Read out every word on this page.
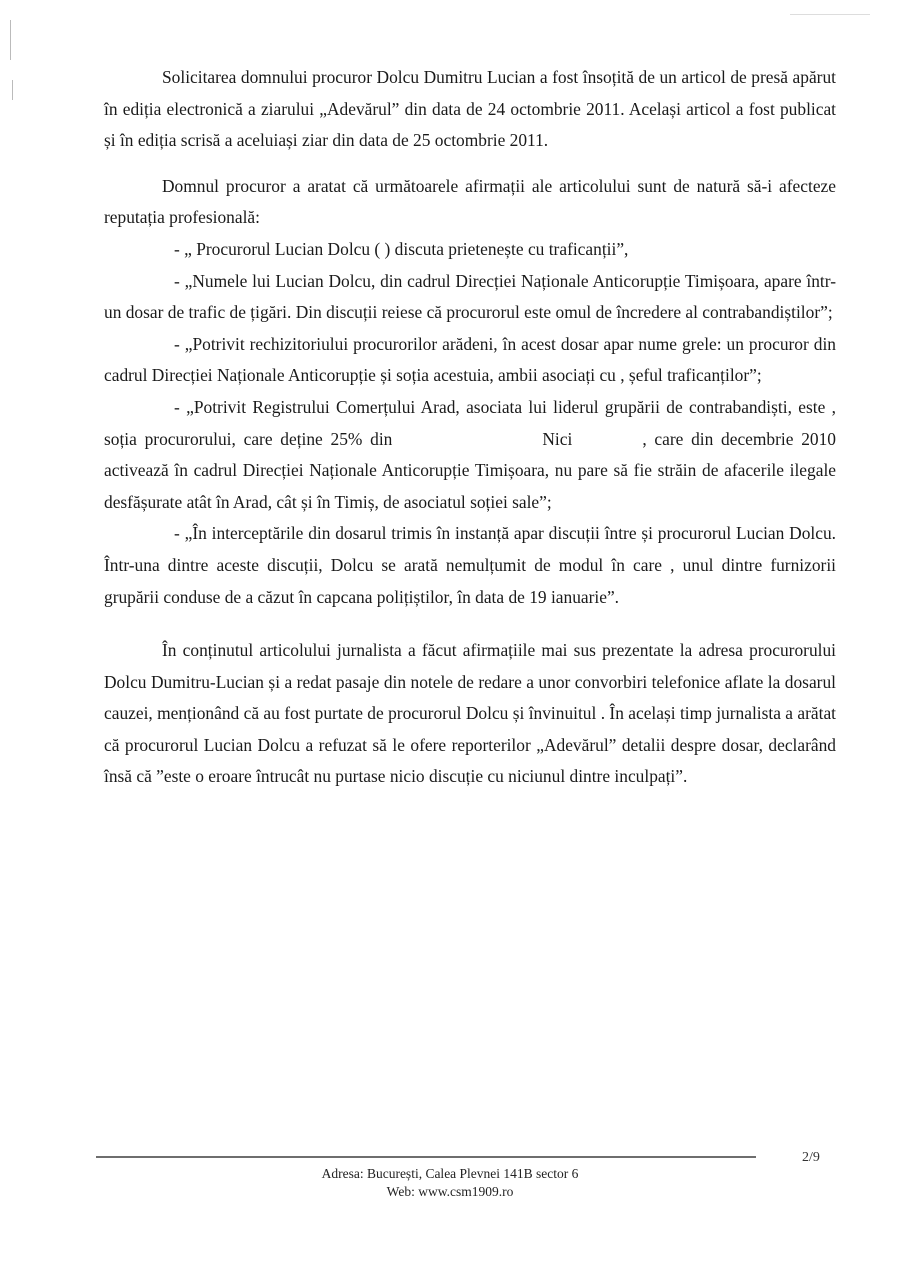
Solicitarea domnului procuror Dolcu Dumitru Lucian a fost însoțită de un articol de presă apărut în ediția electronică a ziarului „Adevărul” din data de 24 octombrie 2011. Același articol a fost publicat și în ediția scrisă a aceluiași ziar din data de 25 octombrie 2011.

Domnul procuror a aratat că următoarele afirmații ale articolului sunt de natură să-i afecteze reputația profesională:

- „ Procurorul Lucian Dolcu ( ) discuta prietenește cu traficanții”,

- „Numele lui Lucian Dolcu, din cadrul Direcției Naționale Anticorupție Timișoara, apare într-un dosar de trafic de țigări. Din discuții reiese că procurorul este omul de încredere al contrabandiștilor”;

- „Potrivit rechizitoriului procurorilor arădeni, în acest dosar apar nume grele: un procuror din cadrul Direcției Naționale Anticorupție și soția acestuia, ambii asociați cu , șeful traficanților”;

- „Potrivit Registrului Comerțului Arad, asociata lui liderul grupării de contrabandiști, este , soția procurorului, care deține 25% din	Nici	, care din decembrie 2010 activează în cadrul Direcției Naționale Anticorupție Timișoara, nu pare să fie străin de afacerile ilegale desfășurate atât în Arad, cât și în Timiș, de asociatul soției sale”;

- „În interceptările din dosarul trimis în instanță apar discuții între și procurorul Lucian Dolcu. Într-una dintre aceste discuții, Dolcu se arată nemulțumit de modul în care , unul dintre furnizorii grupării conduse de a căzut în capcana polițiștilor, în data de 19 ianuarie”.

În conținutul articolului jurnalista a făcut afirmațiile mai sus prezentate la adresa procurorului Dolcu Dumitru-Lucian și a redat pasaje din notele de redare a unor convorbiri telefonice aflate la dosarul cauzei, menționând că au fost purtate de procurorul Dolcu și învinuitul . În același timp jurnalista a arătat că procurorul Lucian Dolcu a refuzat să le ofere reporterilor „Adevărul” detalii despre dosar, declarând însă că ”este o eroare întrucât nu purtase nicio discuție cu niciunul dintre inculpați”.

2/9
Adresa: București, Calea Plevnei 141B sector 6
Web: www.csm1909.ro
